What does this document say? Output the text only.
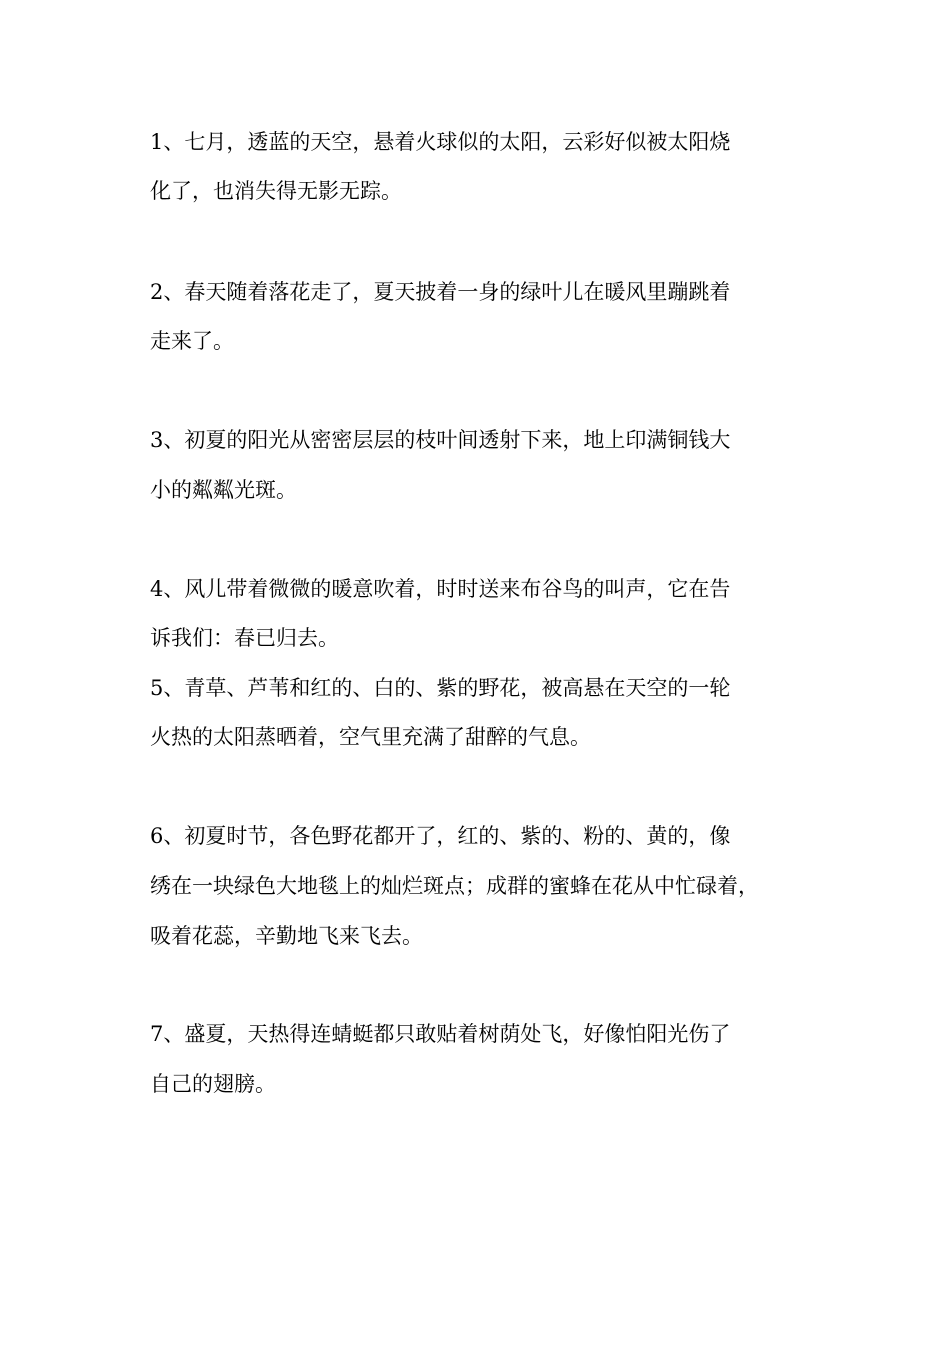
1、七月，透蓝的天空，悬着火球似的太阳，云彩好似被太阳烧
化了，也消失得无影无踪。
2、春天随着落花走了，夏天披着一身的绿叶儿在暖风里蹦跳着
走来了。
3、初夏的阳光从密密层层的枝叶间透射下来，地上印满铜钱大
小的粼粼光斑。
4、风儿带着微微的暖意吹着，时时送来布谷鸟的叫声，它在告
诉我们：春已归去。
5、青草、芦苇和红的、白的、紫的野花，被高悬在天空的一轮
火热的太阳蒸晒着，空气里充满了甜醉的气息。
6、初夏时节，各色野花都开了，红的、紫的、粉的、黄的，像
绣在一块绿色大地毯上的灿烂斑点；成群的蜜蜂在花从中忙碌着，
吸着花蕊，辛勤地飞来飞去。
7、盛夏，天热得连蜻蜓都只敢贴着树荫处飞，好像怕阳光伤了
自己的翅膀。
